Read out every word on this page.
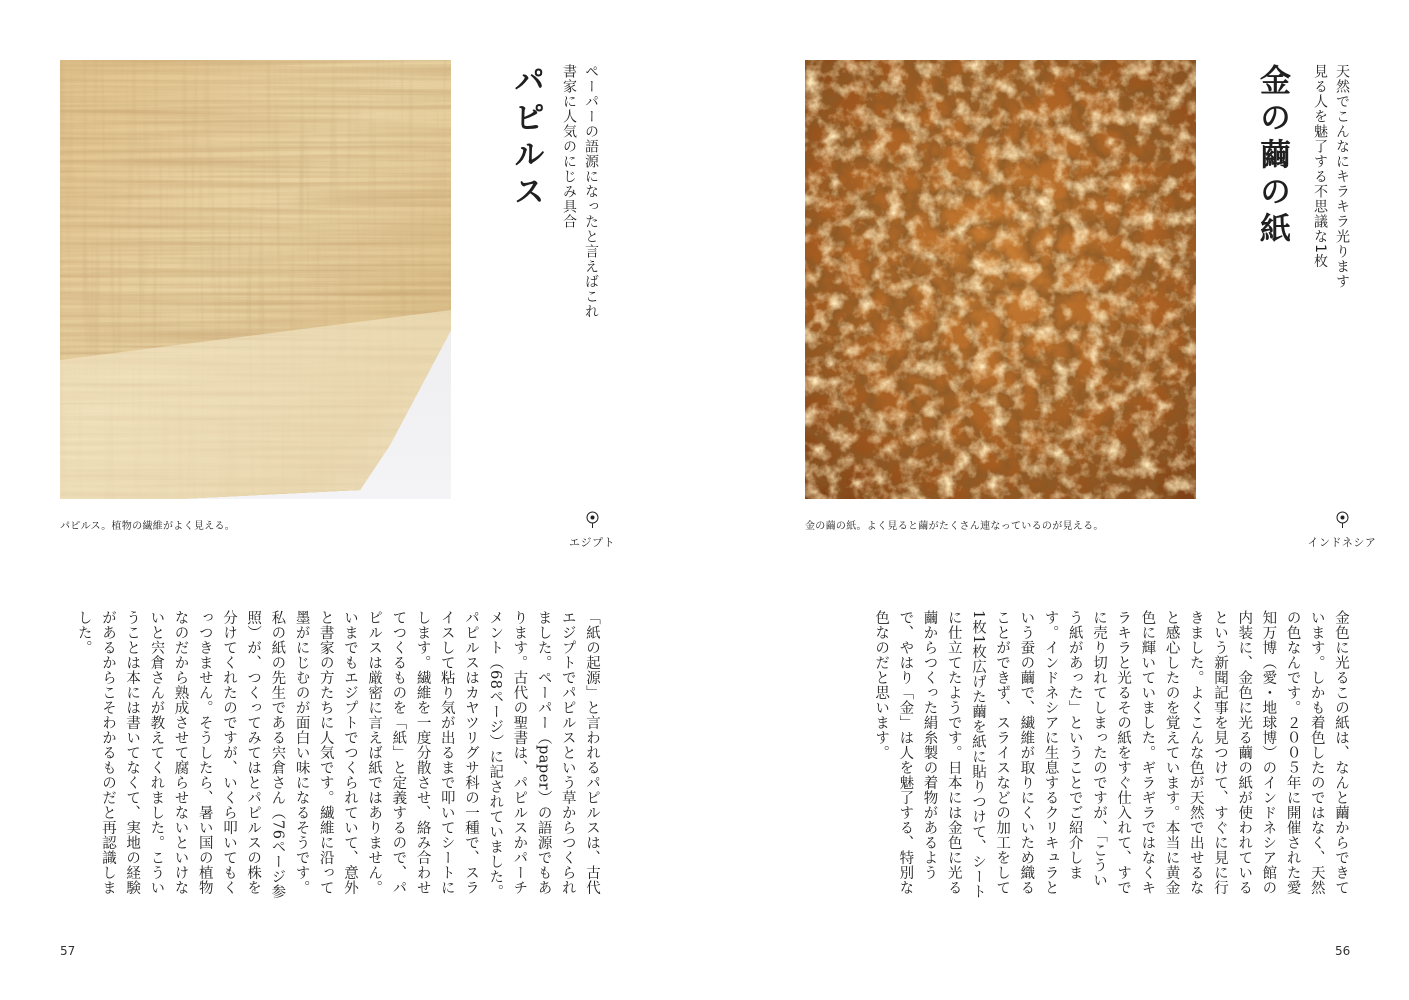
パピルス	ペーパーの語源になったと言えばこれ
書家に人気のにじみ具合
パピルス。植物の繊維がよく見える。
エジプト
「紙の起源」と言われるパピルスは、古代エジプトでパピルスという草からつくられました。ペーパー（paper）の語源でもあります。古代の聖書は、パピルスかパーチメント（68ページ）に記されていました。パピルスはカヤツリグサ科の一種で、スライスして粘り気が出るまで叩いてシートにします。繊維を一度分散させ、絡み合わせてつくるものを「紙」と定義するので、パピルスは厳密に言えば紙ではありません。いまでもエジプトでつくられていて、意外と書家の方たちに人気です。繊維に沿って墨がにじむのが面白い味になるそうです。私の紙の先生である宍倉さん（76ページ参照）が、つくってみてはとパピルスの株を分けてくれたのですが、いくら叩いてもくっつきません。そうしたら、暑い国の植物なのだから熟成させて腐らせないといけないと宍倉さんが教えてくれました。こういうことは本には書いてなくて、実地の経験があるからこそわかるものだと再認識しました。
57
金の繭の紙	天然でこんなにキラキラ光ります
見る人を魅了する不思議な1枚
金の繭の紙。よく見ると繭がたくさん連なっているのが見える。
インドネシア
金色に光るこの紙は、なんと繭からできています。しかも着色したのではなく、天然の色なんです。２００５年に開催された愛知万博（愛・地球博）のインドネシア館の内装に、金色に光る繭の紙が使われているという新聞記事を見つけて、すぐに見に行きました。よくこんな色が天然で出せるなと感心したのを覚えています。本当に黄金色に輝いていました。ギラギラではなくキラキラと光るその紙をすぐ仕入れて、すでに売り切れてしまったのですが、「こういう紙があった」ということでご紹介します。インドネシアに生息するクリキュラという蚕の繭で、繊維が取りにくいため織ることができず、スライスなどの加工をして1枚1枚広げた繭を紙に貼りつけて、シートに仕立てたようです。日本には金色に光る繭からつくった絹糸製の着物があるようで、やはり「金」は人を魅了する、特別な色なのだと思います。
56
